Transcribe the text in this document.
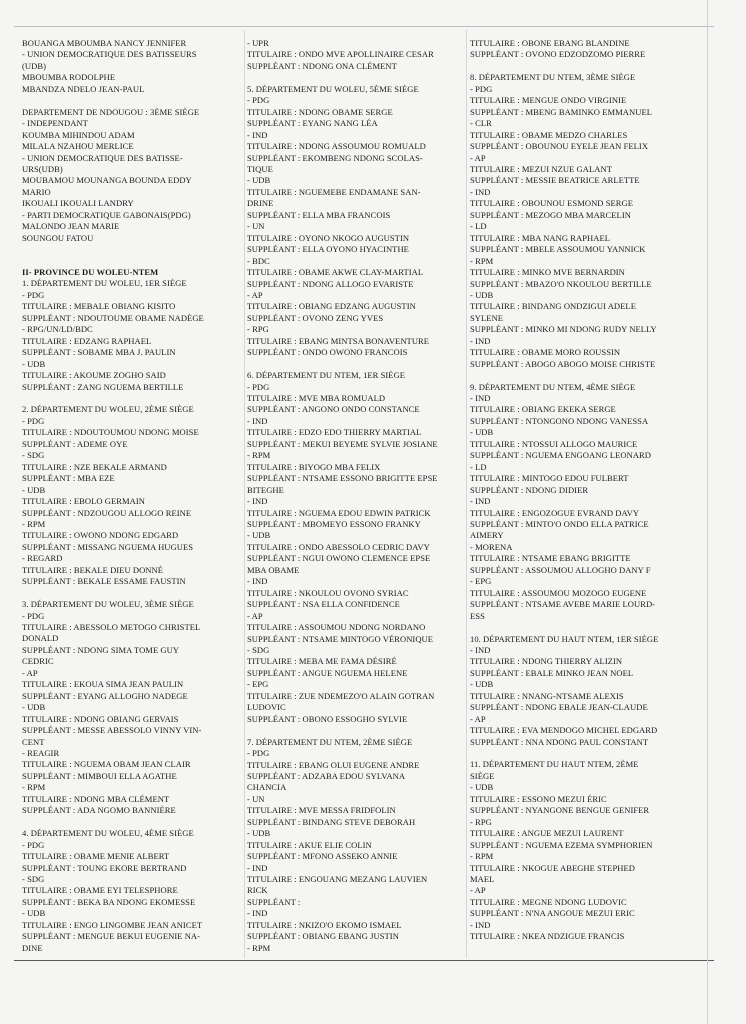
BOUANGA MBOUMBA NANCY JENNIFER
- UNION DEMOCRATIQUE DES BATISSEURS
(UDB)
MBOUMBA RODOLPHE
MBANDZA NDELO JEAN-PAUL
DEPARTEMENT DE NDOUGOU : 3ÈME SIÈGE
- INDEPENDANT
KOUMBA MIHINDOU ADAM
MILALA NZAHOU MERLICE
- UNION DEMOCRATIQUE DES BATISSE-
URS(UDB)
MOUBAMOU MOUNANGA BOUNDA EDDY
MARIO
IKOUALI IKOUALI LANDRY
- PARTI DEMOCRATIQUE GABONAIS(PDG)
MALONDO JEAN MARIE
SOUNGOU FATOU
II- PROVINCE DU WOLEU-NTEM
1. DÉPARTEMENT DU WOLEU, 1ER SIÈGE
- PDG
TITULAIRE : MEBALE OBIANG KISITO
SUPPLÉANT : NDOUTOUME OBAME NADÈGE
- RPG/UN/LD/BDC
TITULAIRE : EDZANG RAPHAEL
SUPPLÉANT : SOBAME MBA J. PAULIN
- UDB
TITULAIRE : AKOUME ZOGHO SAID
SUPPLÉANT : ZANG NGUEMA BERTILLE
2. DÉPARTEMENT DU WOLEU, 2ÈME SIÈGE
- PDG
TITULAIRE : NDOUTOUMOU NDONG MOISE
SUPPLÉANT : ADEME OYE
- SDG
TITULAIRE : NZE BEKALE ARMAND
SUPPLÉANT : MBA EZE
- UDB
TITULAIRE : EBOLO GERMAIN
SUPPLÉANT : NDZOUGOU ALLOGO REINE
- RPM
TITULAIRE : OWONO NDONG EDGARD
SUPPLÉANT : MISSANG NGUEMA HUGUES
- REGARD
TITULAIRE : BEKALE DIEU DONNÉ
SUPPLÉANT : BEKALE ESSAME FAUSTIN
3. DÉPARTEMENT DU WOLEU, 3ÈME SIÈGE
- PDG
TITULAIRE : ABESSOLO METOGO CHRISTEL
DONALD
SUPPLÉANT : NDONG SIMA TOME GUY
CEDRIC
- AP
TITULAIRE : EKOUA SIMA JEAN PAULIN
SUPPLÉANT : EYANG ALLOGHO NADEGE
- UDB
TITULAIRE : NDONG OBIANG GERVAIS
SUPPLÉANT : MESSE ABESSOLO VINNY VIN-
CENT
- REAGIR
TITULAIRE : NGUEMA OBAM JEAN CLAIR
SUPPLÉANT : MIMBOUI ELLA AGATHE
- RPM
TITULAIRE : NDONG MBA CLÉMENT
SUPPLÉANT : ADA NGOMO BANNIÈRE
4. DÉPARTEMENT DU WOLEU, 4ÈME SIÈGE
- PDG
TITULAIRE : OBAME MENIE ALBERT
SUPPLÉANT : TOUNG EKORE BERTRAND
- SDG
TITULAIRE : OBAME EYI TELESPHORE
SUPPLÉANT : BEKA BA NDONG EKOMESSE
- UDB
TITULAIRE : ENGO LINGOMBE JEAN ANICET
SUPPLÉANT : MENGUE BEKUI EUGENIE NA-
DINE
- UPR
TITULAIRE : ONDO MVE APOLLINAIRE CESAR
SUPPLÉANT : NDONG ONA CLÉMENT
5. DÉPARTEMENT DU WOLEU, 5ÈME SIÈGE
- PDG
TITULAIRE : NDONG OBAME SERGE
SUPPLÉANT : EYANG NANG LÉA
- IND
TITULAIRE : NDONG ASSOUMOU ROMUALD
SUPPLÉANT : EKOMBENG NDONG SCOLAS-
TIQUE
- UDB
TITULAIRE : NGUEMEBE ENDAMANE SAN-
DRINE
SUPPLÉANT : ELLA MBA FRANCOIS
- UN
TITULAIRE : OYONO NKOGO AUGUSTIN
SUPPLÉANT : ELLA OYONO HYACINTHE
- BDC
TITULAIRE : OBAME AKWE CLAY-MARTIAL
SUPPLÉANT : NDONG ALLOGO EVARISTE
- AP
TITULAIRE : OBIANG EDZANG AUGUSTIN
SUPPLÉANT : OVONO ZENG YVES
- RPG
TITULAIRE : EBANG MINTSA BONAVENTURE
SUPPLÉANT : ONDO OWONO FRANCOIS
6. DÉPARTEMENT DU NTEM, 1ER SIÈGE
- PDG
TITULAIRE : MVE MBA ROMUALD
SUPPLÉANT : ANGONO ONDO CONSTANCE
- IND
TITULAIRE : EDZO EDO THIERRY MARTIAL
SUPPLÉANT : MEKUI BEYEME SYLVIE JOSIANE
- RPM
TITULAIRE : BIYOGO MBA FELIX
SUPPLÉANT : NTSAME ESSONO BRIGITTE EPSE
BITEGHE
- IND
TITULAIRE : NGUEMA EDOU EDWIN PATRICK
SUPPLÉANT : MBOMEYO ESSONO FRANKY
- UDB
TITULAIRE : ONDO ABESSOLO CEDRIC DAVY
SUPPLÉANT : NGUI OWONO CLEMENCE EPSE
MBA OBAME
- IND
TITULAIRE : NKOULOU OVONO SYRIAC
SUPPLÉANT : NSA ELLA CONFIDENCE
- AP
TITULAIRE : ASSOUMOU NDONG NORDANO
SUPPLÉANT : NTSAME MINTOGO VÉRONIQUE
- SDG
TITULAIRE : MEBA ME FAMA DÉSIRÉ
SUPPLÉANT : ANGUE NGUEMA HELENE
- EPG
TITULAIRE : ZUE NDEMEZO'O ALAIN GOTRAN
LUDOVIC
SUPPLÉANT : OBONO ESSOGHO SYLVIE
7. DÉPARTEMENT DU NTEM, 2ÈME SIÈGE
- PDG
TITULAIRE : EBANG OLUI EUGENE ANDRE
SUPPLÉANT : ADZABA EDOU SYLVANA
CHANCIA
- UN
TITULAIRE : MVE MESSA FRIDFOLIN
SUPPLÉANT : BINDANG STEVE DEBORAH
- UDB
TITULAIRE : AKUE ELIE COLIN
SUPPLÉANT : MFONO ASSEKO ANNIE
- IND
TITULAIRE : ENGOUANG MEZANG LAUVIEN
RICK
SUPPLÉANT :
- IND
TITULAIRE : NKIZO'O EKOMO ISMAEL
SUPPLÉANT : OBIANG EBANG JUSTIN
- RPM
TITULAIRE : OBONE EBANG BLANDINE
SUPPLÉANT : OVONO EDZODZOMO PIERRE
8. DÉPARTEMENT DU NTEM, 3ÈME SIÈGE
- PDG
TITULAIRE : MENGUE ONDO VIRGINIE
SUPPLÉANT : MBENG BAMINKO EMMANUEL
- CLR
TITULAIRE : OBAME MEDZO CHARLES
SUPPLÉANT : OBOUNOU EYELE JEAN FELIX
- AP
TITULAIRE : MEZUI NZUE GALANT
SUPPLÉANT : MESSIE BEATRICE ARLETTE
- IND
TITULAIRE : OBOUNOU ESMOND SERGE
SUPPLÉANT : MEZOGO MBA MARCELIN
- LD
TITULAIRE : MBA NANG RAPHAEL
SUPPLÉANT : MBELE ASSOUMOU YANNICK
- RPM
TITULAIRE : MINKO MVE BERNARDIN
SUPPLÉANT : MBAZO'O NKOULOU BERTILLE
- UDB
TITULAIRE : BINDANG ONDZIGUI ADELE
SYLENE
SUPPLÉANT : MINKO MI NDONG RUDY NELLY
- IND
TITULAIRE : OBAME MORO ROUSSIN
SUPPLÉANT : ABOGO ABOGO MOISE CHRISTE
9. DÉPARTEMENT DU NTEM, 4ÈME SIÈGE
- IND
TITULAIRE : OBIANG EKEKA SERGE
SUPPLÉANT : NTONGONO NDONG VANESSA
- UDB
TITULAIRE : NTOSSUI ALLOGO MAURICE
SUPPLÉANT : NGUEMA ENGOANG LEONARD
- LD
TITULAIRE : MINTOGO EDOU FULBERT
SUPPLÉANT : NDONG DIDIER
- IND
TITULAIRE : ENGOZOGUE EVRAND DAVY
SUPPLÉANT : MINTO'O ONDO ELLA PATRICE
AIMERY
- MORENA
TITULAIRE : NTSAME EBANG BRIGITTE
SUPPLÉANT : ASSOUMOU ALLOGHO DANY F
- EPG
TITULAIRE : ASSOUMOU MOZOGO EUGENE
SUPPLÉANT : NTSAME AVEBE MARIE LOURD-
ESS
10. DÉPARTEMENT DU HAUT NTEM, 1ER SIÈGE
- IND
TITULAIRE : NDONG THIERRY ALIZIN
SUPPLÉANT : EBALE MINKO JEAN NOEL
- UDB
TITULAIRE : NNANG-NTSAME ALEXIS
SUPPLÉANT : NDONG EBALE JEAN-CLAUDE
- AP
TITULAIRE : EVA MENDOGO MICHEL EDGARD
SUPPLÉANT : NNA NDONG PAUL CONSTANT
11. DÉPARTEMENT DU HAUT NTEM, 2ÈME
SIÈGE
- UDB
TITULAIRE : ESSONO MEZUI ÉRIC
SUPPLÉANT : NYANGONE BENGUE GENIFER
- RPG
TITULAIRE : ANGUE MEZUI LAURENT
SUPPLÉANT : NGUEMA EZEMA SYMPHORIEN
- RPM
TITULAIRE : NKOGUE ABEGHE STEPHED
MAEL
- AP
TITULAIRE : MEGNE NDONG LUDOVIC
SUPPLÉANT : N'NA ANGOUE MEZUI ERIC
- IND
TITULAIRE : NKEA NDZIGUE FRANCIS
